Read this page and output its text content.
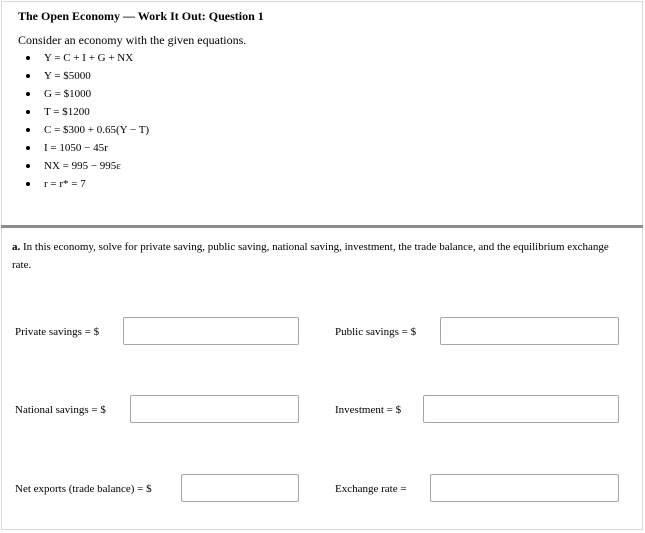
The Open Economy — Work It Out: Question 1
Consider an economy with the given equations.
Y = C + I + G + NX
Y = $5000
G = $1000
T = $1200
C = $300 + 0.65(Y − T)
I = 1050 − 45r
NX = 995 − 995ε
r = r* = 7
a. In this economy, solve for private saving, public saving, national saving, investment, the trade balance, and the equilibrium exchange rate.
Private savings = $	Public savings = $
National savings = $	Investment = $
Net exports (trade balance) = $	Exchange rate =
